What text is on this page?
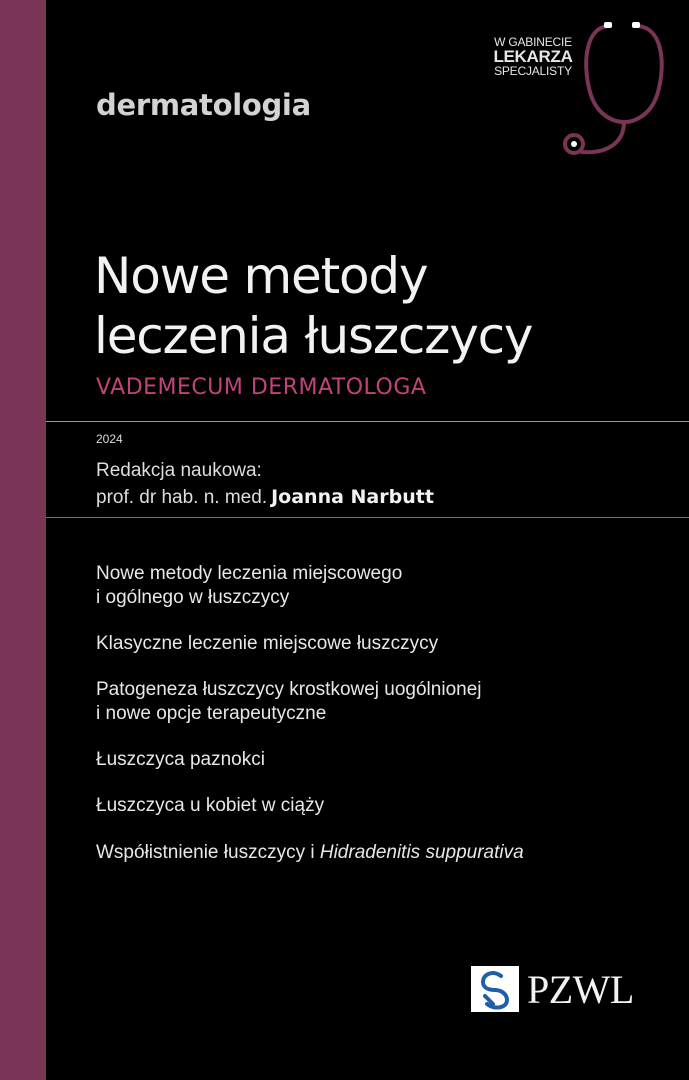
dermatologia
W GABINECIE
LEKARZA
SPECJALISTY
Nowe metody
leczenia łuszczycy
VADEMECUM DERMATOLOGA
2024
Redakcja naukowa:
prof. dr hab. n. med. Joanna Narbutt
Nowe metody leczenia miejscowego
i ogólnego w łuszczycy
Klasyczne leczenie miejscowe łuszczycy
Patogeneza łuszczycy krostkowej uogólnionej
i nowe opcje terapeutyczne
Łuszczyca paznokci
Łuszczyca u kobiet w ciąży
Współistnienie łuszczycy i Hidradenitis suppurativa
PZWL
